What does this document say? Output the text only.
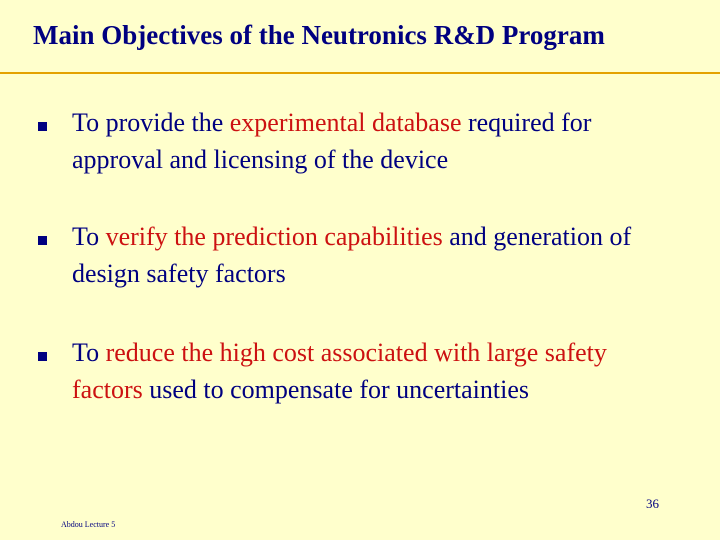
Main Objectives of the Neutronics R&D Program
To provide the experimental database required for approval and licensing of the device
To verify the prediction capabilities and generation of design safety factors
To reduce the high cost associated with large safety factors used to compensate for uncertainties
36
Abdou Lecture 5
